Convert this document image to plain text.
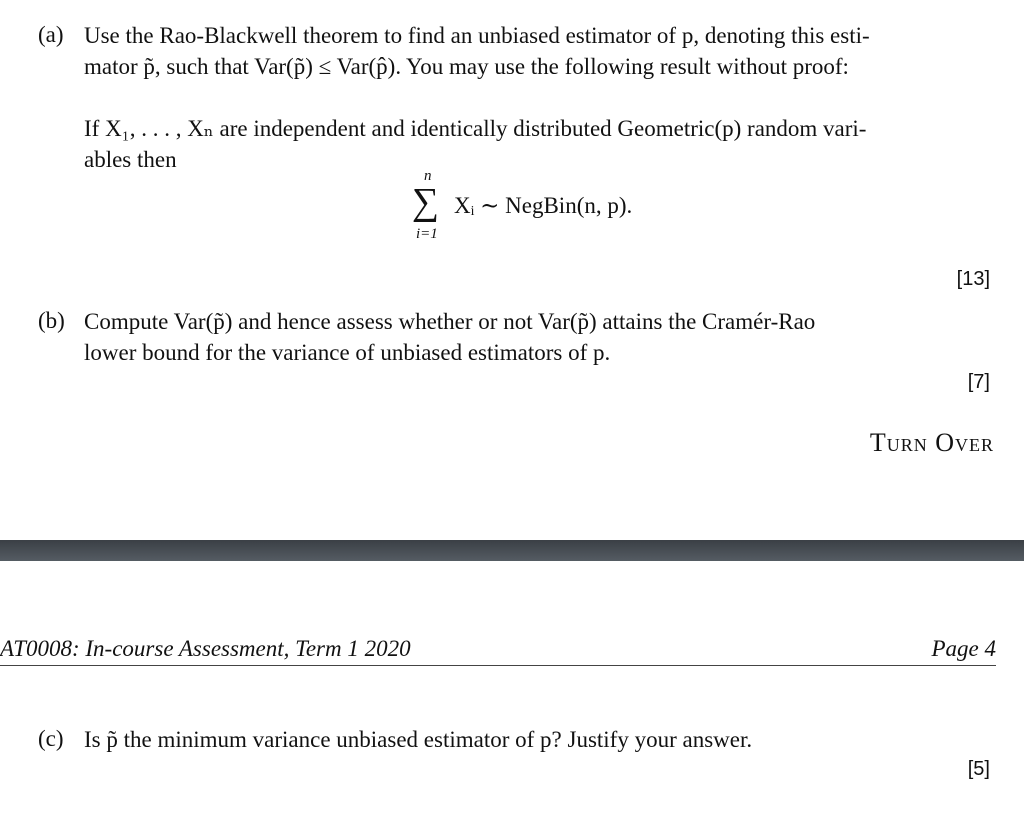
(a) Use the Rao-Blackwell theorem to find an unbiased estimator of p, denoting this esti-
mator p̃, such that Var(p̃) ≤ Var(p̂). You may use the following result without proof:
If X₁, . . . , Xₙ are independent and identically distributed Geometric(p) random vari-
ables then
n
∑
i=1
Xᵢ ∼ NegBin(n, p).
[13]
(b) Compute Var(p̃) and hence assess whether or not Var(p̃) attains the Cramér-Rao
lower bound for the variance of unbiased estimators of p.
[7]
Turn Over
AT0008: In-course Assessment, Term 1 2020	Page 4
(c) Is p̃ the minimum variance unbiased estimator of p? Justify your answer.
[5]
